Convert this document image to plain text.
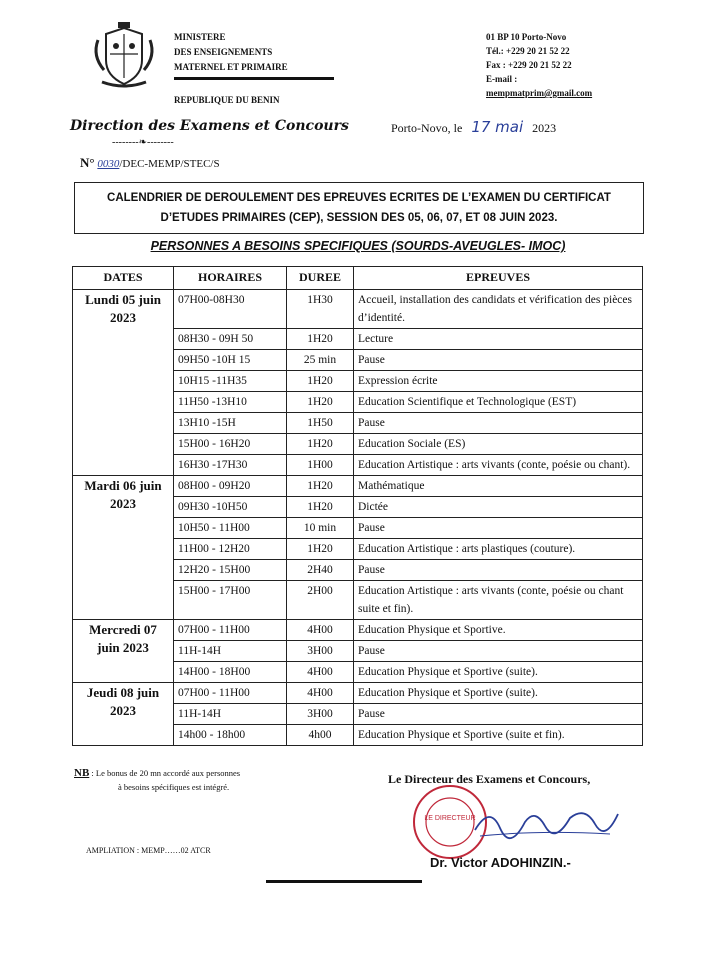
MINISTERE
DES ENSEIGNEMENTS
MATERNEL ET PRIMAIRE
REPUBLIQUE DU BENIN
01 BP 10 Porto-Novo
Tél.: +229 20 21 52 22
Fax : +229 20 21 52 22
E-mail :
mempmatprim@gmail.com
Direction des Examens et Concours
--------❧--------
Porto-Novo, le 17 mai 2023
N° 0030/DEC-MEMP/STEC/S
CALENDRIER DE DEROULEMENT DES EPREUVES ECRITES DE L’EXAMEN DU CERTIFICAT
D’ETUDES PRIMAIRES (CEP), SESSION DES 05, 06, 07, ET 08 JUIN 2023.
PERSONNES A BESOINS SPECIFIQUES (SOURDS-AVEUGLES- IMOC)
DATES	HORAIRES	DUREE	EPREUVES
Lundi 05 juin 2023	07H00-08H30	1H30	Accueil, installation des candidats et vérification des pièces d’identité.
	08H30 - 09H 50	1H20	Lecture
	09H50 -10H 15	25 min	Pause
	10H15 -11H35	1H20	Expression écrite
	11H50 -13H10	1H20	Education Scientifique et Technologique (EST)
	13H10 -15H	1H50	Pause
	15H00 - 16H20	1H20	Education Sociale (ES)
	16H30 -17H30	1H00	Education Artistique : arts vivants (conte, poésie ou chant).
Mardi 06 juin 2023	08H00 - 09H20	1H20	Mathématique
	09H30 -10H50	1H20	Dictée
	10H50 - 11H00	10 min	Pause
	11H00 - 12H20	1H20	Education Artistique : arts plastiques (couture).
	12H20 - 15H00	2H40	Pause
	15H00 - 17H00	2H00	Education Artistique : arts vivants (conte, poésie ou chant suite et fin).
Mercredi 07 juin 2023	07H00 - 11H00	4H00	Education Physique et Sportive.
	11H-14H	3H00	Pause
	14H00 - 18H00	4H00	Education Physique et Sportive (suite).
Jeudi 08 juin 2023	07H00 - 11H00	4H00	Education Physique et Sportive (suite).
	11H-14H	3H00	Pause
	14h00 - 18h00	4h00	Education Physique et Sportive (suite et fin).
NB : Le bonus de 20 mn accordé aux personnes
à besoins spécifiques est intégré.
Le Directeur des Examens et Concours,
LE DIRECTEUR
Dr. Victor ADOHINZIN.-
AMPLIATION : MEMP……02 ATCR
